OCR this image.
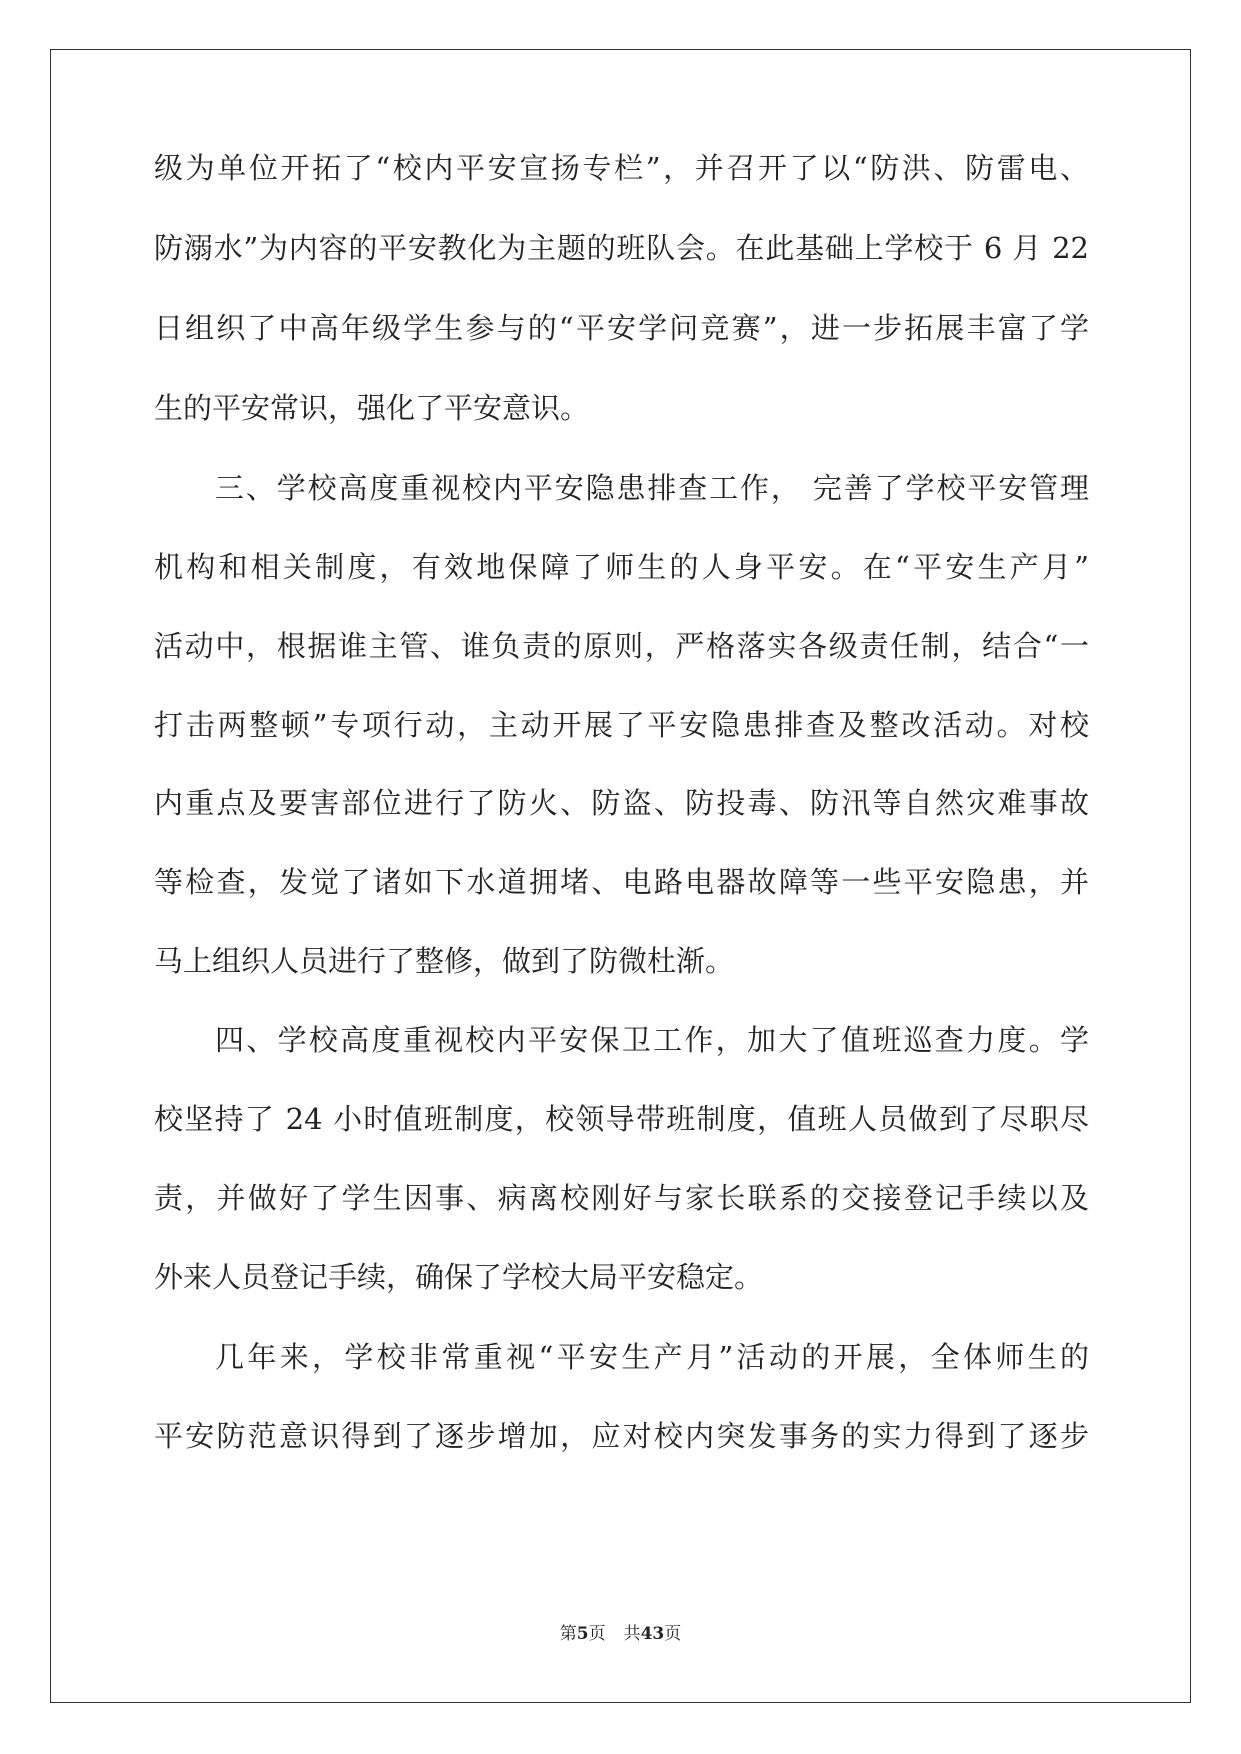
级为单位开拓了“校内平安宣扬专栏”，并召开了以“防洪、防雷电、

防溺水”为内容的平安教化为主题的班队会。在此基础上学校于 6 月 22

日组织了中高年级学生参与的“平安学问竞赛”，进一步拓展丰富了学

生的平安常识，强化了平安意识。

三、学校高度重视校内平安隐患排查工作， 完善了学校平安管理

机构和相关制度，有效地保障了师生的人身平安。在“平安生产月”

活动中，根据谁主管、谁负责的原则，严格落实各级责任制，结合“一

打击两整顿”专项行动，主动开展了平安隐患排查及整改活动。对校

内重点及要害部位进行了防火、防盗、防投毒、防汛等自然灾难事故

等检查，发觉了诸如下水道拥堵、电路电器故障等一些平安隐患，并

马上组织人员进行了整修，做到了防微杜渐。

四、学校高度重视校内平安保卫工作，加大了值班巡查力度。学

校坚持了 24 小时值班制度，校领导带班制度，值班人员做到了尽职尽

责，并做好了学生因事、病离校刚好与家长联系的交接登记手续以及

外来人员登记手续，确保了学校大局平安稳定。

几年来，学校非常重视“平安生产月”活动的开展，全体师生的

平安防范意识得到了逐步增加，应对校内突发事务的实力得到了逐步

第5页 共43页
